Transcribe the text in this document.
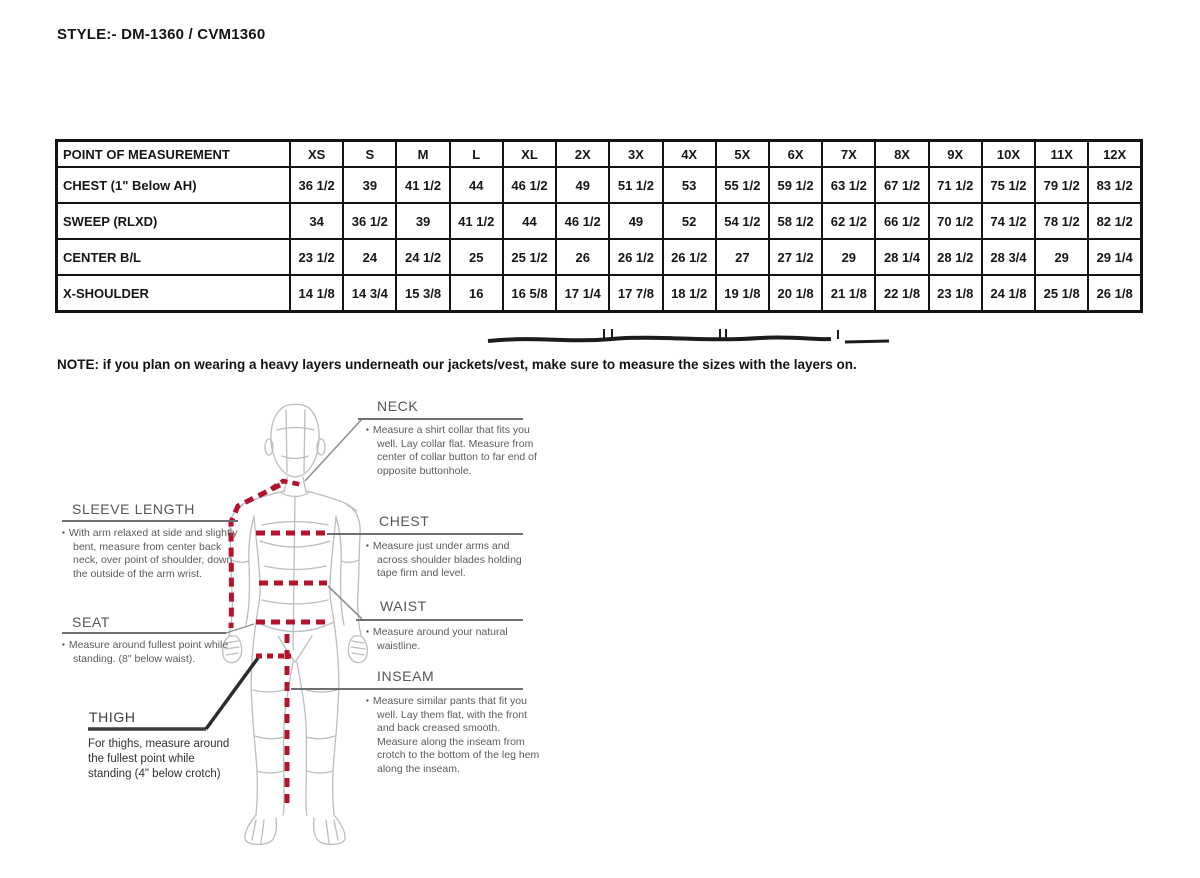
STYLE:- DM-1360 / CVM1360
POINT OF MEASUREMENT	XS	S	M	L	XL	2X	3X	4X	5X	6X	7X	8X	9X	10X	11X	12X
CHEST (1" Below AH)	36 1/2	39	41 1/2	44	46 1/2	49	51 1/2	53	55 1/2	59 1/2	63 1/2	67 1/2	71 1/2	75 1/2	79 1/2	83 1/2
SWEEP (RLXD)	34	36 1/2	39	41 1/2	44	46 1/2	49	52	54 1/2	58 1/2	62 1/2	66 1/2	70 1/2	74 1/2	78 1/2	82 1/2
CENTER B/L	23 1/2	24	24 1/2	25	25 1/2	26	26 1/2	26 1/2	27	27 1/2	29	28 1/4	28 1/2	28 3/4	29	29 1/4
X-SHOULDER	14 1/8	14 3/4	15 3/8	16	16 5/8	17 1/4	17 7/8	18 1/2	19 1/8	20 1/8	21 1/8	22 1/8	23 1/8	24 1/8	25 1/8	26 1/8
NOTE: if you plan on wearing a heavy layers underneath our jackets/vest, make sure to measure the sizes with the layers on.
NECK
▪ Measure a shirt collar that fits you well. Lay collar flat. Measure from center of collar button to far end of opposite buttonhole.
CHEST
▪ Measure just under arms and across shoulder blades holding tape firm and level.
WAIST
▪ Measure around your natural waistline.
INSEAM
▪ Measure similar pants that fit you well. Lay them flat, with the front and back creased smooth. Measure along the inseam from crotch to the bottom of the leg hem along the inseam.
SLEEVE LENGTH
▪ With arm relaxed at side and slightly bent, measure from center back neck, over point of shoulder, down the outside of the arm wrist.
SEAT
▪ Measure around fullest point while standing. (8" below waist).
THIGH
For thighs, measure around the fullest point while standing (4" below crotch)
